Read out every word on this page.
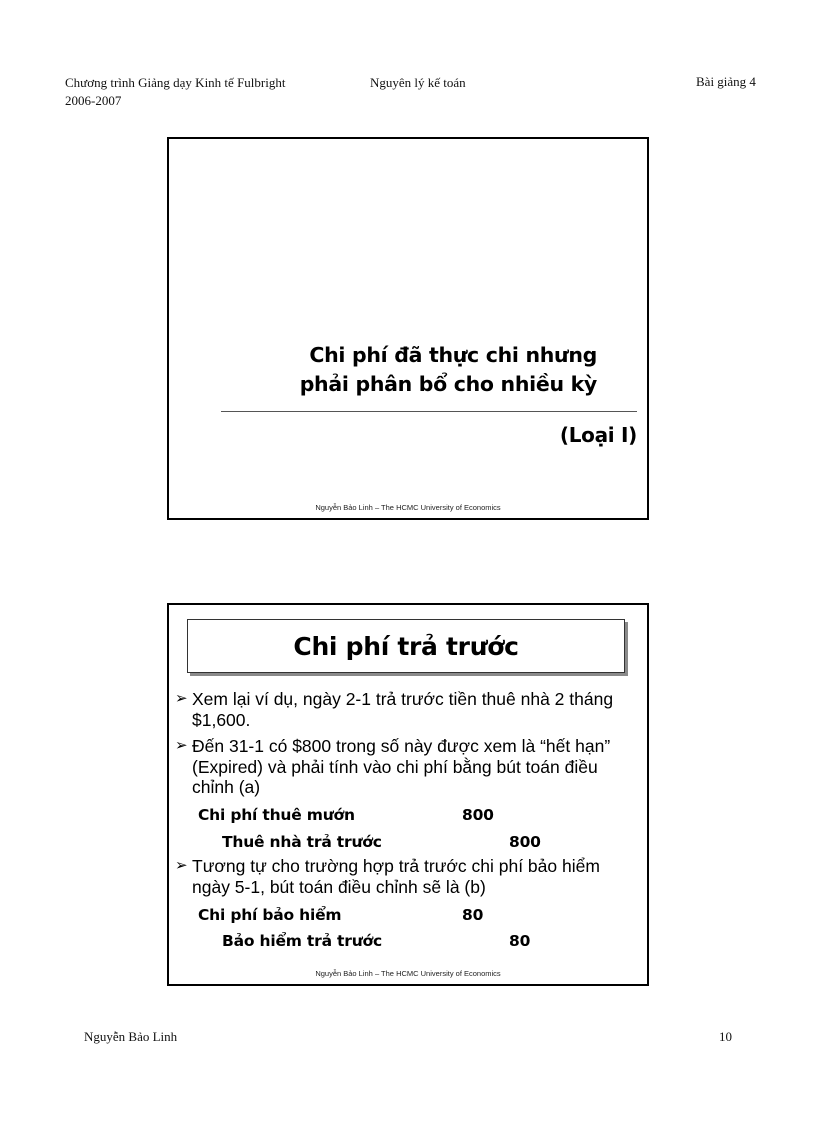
Chương trình Giảng dạy Kinh tế Fulbright
2006-2007
Nguyên lý kế toán	Bài giảng 4
Chi phí đã thực chi nhưng
phải phân bổ cho nhiều kỳ
(Loại I)
Nguyễn Bảo Linh – The HCMC University of Economics
Chi phí trả trước
➢ Xem lại ví dụ, ngày 2-1 trả trước tiền thuê nhà 2 tháng $1,600.
➢ Đến 31-1 có $800 trong số này được xem là “hết hạn” (Expired) và phải tính vào chi phí bằng bút toán điều chỉnh (a)
Chi phí thuê mướn	800
Thuê nhà trả trước	800
➢ Tương tự cho trường hợp trả trước chi phí bảo hiểm ngày 5-1, bút toán điều chỉnh sẽ là (b)
Chi phí bảo hiểm	80
Bảo hiểm trả trước	80
Nguyễn Bảo Linh – The HCMC University of Economics
Nguyễn Bảo Linh	10
